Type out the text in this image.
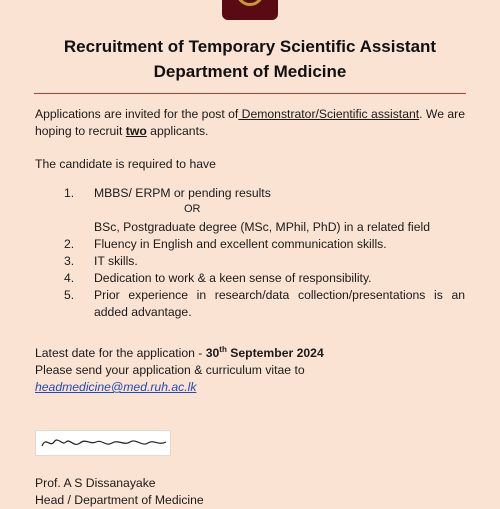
Recruitment of Temporary Scientific Assistant
Department of Medicine
Applications are invited for the post of Demonstrator/Scientific assistant. We are hoping to recruit two applicants.
The candidate is required to have
1. MBBS/ ERPM or pending results
OR
BSc, Postgraduate degree (MSc, MPhil, PhD) in a related field
2. Fluency in English and excellent communication skills.
3. IT skills.
4. Dedication to work & a keen sense of responsibility.
5. Prior experience in research/data collection/presentations is an added advantage.
Latest date for the application - 30th September 2024
Please send your application & curriculum vitae to
headmedicine@med.ruh.ac.lk
Prof. A S Dissanayake
Head / Department of Medicine
